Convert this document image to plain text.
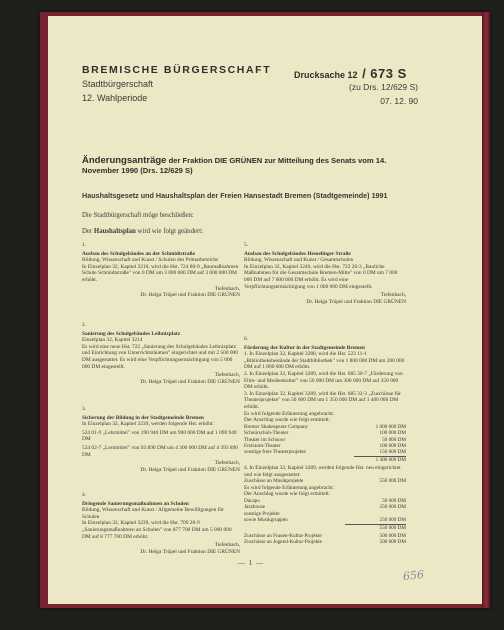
BREMISCHE BÜRGERSCHAFT
Stadtbürgerschaft
12. Wahlperiode
Drucksache 12 / 673 S
(zu Drs. 12/629 S)
07. 12. 90
Änderungsanträge der Fraktion DIE GRÜNEN zur Mitteilung des Senats vom 14. November 1990 (Drs. 12/629 S)
Haushaltsgesetz und Haushaltsplan der Freien Hansestadt Bremen (Stadtgemeinde) 1991
Die Stadtbürgerschaft möge beschließen:
Der Haushaltsplan wird wie folgt geändert:
1.

Ausbau des Schulgebäudes an der Schmidtstraße

Bildung, Wissenschaft und Kunst / Schulen des Primarbereichs

In Einzelplan 32, Kapitel 3210, wird die Hst. 724 80-9 „Baumaßnahmen Schule Schmidtstraße" von 0 DM um 3 000 000 DM auf 3 000 000 DM erhöht.

Tiefenbach,

Dr. Helga Trüpel und Fraktion DIE GRÜNEN

2.

Sanierung des Schulgebäudes Leibnizplatz

Einzelplan 32, Kapitel 3214

Es wird eine neue Hst. 722 „Sanierung des Schulgebäudes Leibnizplatz und Einrichtung von Unterrichtsräumen" eingerichtet und mit 2 500 000 DM ausgestattet. Es wird eine Verpflichtungsermächtigung von 5 000 000 DM eingestellt.

Tiefenbach,

Dr. Helga Trüpel und Fraktion DIE GRÜNEN

3.

Sicherung der Bildung in der Stadtgemeinde Bremen

In Einzelplan 32, Kapitel 3239, werden folgende Hst. erhöht:

524 01-9 „Lehrmittel" von 190 940 DM um 900 000 DM auf 1 090 940 DM

524 02-7 „Lernmittel" von 93 890 DM um 4 300 000 DM auf 4 393 890 DM

Tiefenbach,

Dr. Helga Trüpel und Fraktion DIE GRÜNEN

4.

Dringende Sanierungsmaßnahmen an Schulen

Bildung, Wissenschaft und Kunst / Allgemeine Bewilligungen für Schulen

In Einzelplan 32, Kapitel 3239, wird die Hst. 709 20-9 „Sanierungsmaßnahmen an Schulen" von 877 700 DM um 5 000 000 DM auf 8 777 700 DM erhöht.

Tiefenbach,

Dr. Helga Trüpel und Fraktion DIE GRÜNEN

5.

Ausbau des Schulgebäudes Hemelinger Straße

Bildung, Wissenschaft und Kunst / Gesamtschulen

In Einzelplan 32, Kapitel 3240, wird die Hst. 722 26-3 „Bauliche Maßnahmen für die Gesamtschule Bremen-Mitte" von 0 DM um 7 000 000 DM auf 7 000 000 DM erhöht. Es wird eine Verpflichtungsermächtigung von 1 000 000 DM eingestellt.

Tiefenbach,

Dr. Helga Trüpel und Fraktion DIE GRÜNEN

6.

Förderung der Kultur in der Stadtgemeinde Bremen

1. In Einzelplan 32, Kapitel 3280, wird die Hst. 523 11-1 „Bibliotheksbestände der Stadtbibliothek" von 1 800 000 DM um 200 000 DM auf 1 800 000 DM erhöht.

2. In Einzelplan 32, Kapitel 3289, wird die Hst. 685 30-7 „Förderung von Film- und Medienkultur" von 50 000 DM um 300 000 DM auf 350 000 DM erhöht.

3. In Einzelplan 32, Kapitel 3289, wird die Hst. 685 32-3 „Zuschüsse für Theaterprojekte" von 50 000 DM um 1 350 000 DM auf 1 400 000 DM erhöht.

Es wird folgende Erläuterung angebracht:

Der Anschlag wurde wie folgt ermittelt:

Bremer Shakespeare Company	1 000 000 DM
Schnürschuh-Theater	100 000 DM
Theater im Schnoor	50 000 DM
Freiraum-Theater	100 000 DM
sonstige freie Theaterprojekte	150 000 DM
	1 400 000 DM

4. In Einzelplan 32, Kapitel 3289, werden folgende Hst. neu eingerichtet und wie folgt ausgestattet:

Zuschüsse an Musikprojekte	550 000 DM

Es wird folgende Erläuterung angebracht:

Der Anschlag wurde wie folgt ermittelt:

Dacapo	50 000 DM
Jazzhouse	250 000 DM
sonstige Projekte	
sowie Musikgruppen	250 000 DM
	550 000 DM
Zuschüsse an Frauen-Kultur-Projekte	500 000 DM
Zuschüsse an Jugend-Kultur-Projekte	500 000 DM
— 1 —
656
